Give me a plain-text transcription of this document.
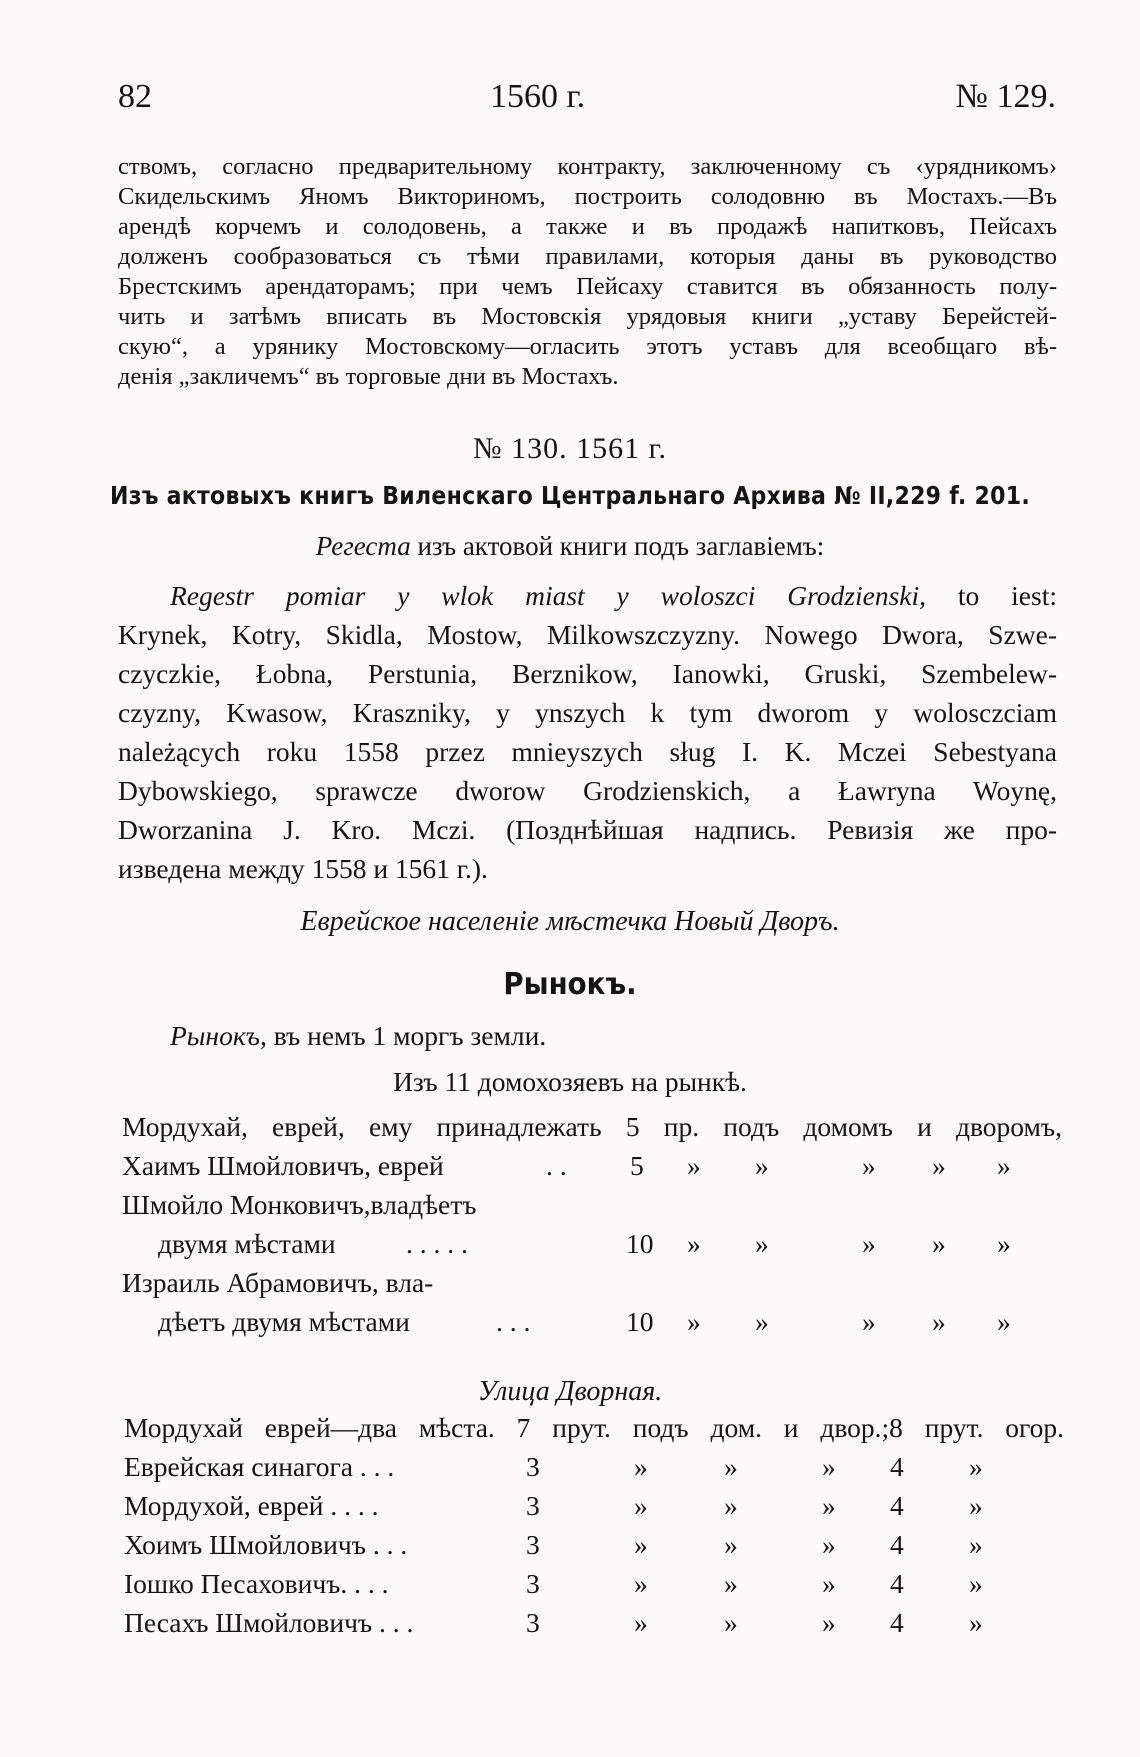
82	1560 г.	№ 129.
ствомъ, согласно предварительному контракту, заключенному съ ‹урядникомъ›
Скидельскимъ Яномъ Викториномъ, построить солодовню въ Мостахъ.—Въ
арендѣ корчемъ и солодовень, а также и въ продажѣ напитковъ, Пейсахъ
долженъ сообразоваться съ тѣми правилами, которыя даны въ руководство
Брестскимъ арендаторамъ; при чемъ Пейсаху ставится въ обязанность полу-
чить и затѣмъ вписать въ Мостовскія урядовыя книги „уставу Берейстей-
скую“, а урянику Мостовскому—огласить этотъ уставъ для всеобщаго вѣ-
денія „закличемъ“ въ торговые дни въ Мостахъ.
№ 130. 1561 г.
Изъ актовыхъ книгъ Виленскаго Центральнаго Архива № II,229 f. 201.
Регеста изъ актовой книги подъ заглавіемъ:
Regestr pomiar y wlok miast y woloszci Grodzienski, to iest:
Krynek, Kotry, Skidla, Mostow, Milkowszczyzny. Nowego Dwora, Szwe-
czyczkie, Łobna, Perstunia, Berznikow, Ianowki, Gruski, Szembelew-
czyzny, Kwasow, Kraszniky, y ynszych k tym dworom y wolosczciam
należących roku 1558 przez mnieyszych sług I. K. Mczei Sebestyana
Dybowskiego, sprawcze dworow Grodzienskich, a Ławryna Woynę,
Dworzanina J. Kro. Mczi. (Позднѣйшая надпись. Ревизія же про-
изведена между 1558 и 1561 г.).
Еврейское населеніе мѣстечка Новый Дворъ.
Рынокъ.
Рынокъ, въ немъ 1 моргъ земли.
Изъ 11 домохозяевъ на рынкѣ.
Мордухай, еврей, ему принадлежать 5 пр. подъ домомъ и дворомъ,
Хаимъ Шмойловичъ, еврей	. . 5 » »	» » »
Шмойло Монковичъ,владѣетъ
двумя мѣстами	. . . . .	10 » »	» » »
Израиль Абрамовичъ, вла-
дѣетъ двумя мѣстами	. . .	10 » »	» » »
Улица Дворная.
Мордухай еврей—два мѣста. 7 прут. подъ дом. и двор.;8 прут. огор.
Еврейская синагога . . .	3	»	»	» 4 »
Мордухой, еврей . . . .	3	»	»	» 4 »
Хоимъ Шмойловичъ . . .	3	»	»	» 4 »
Іошко Песаховичъ. . . .	3	»	»	» 4 »
Песахъ Шмойловичъ . . .	3	»	»	» 4 »
